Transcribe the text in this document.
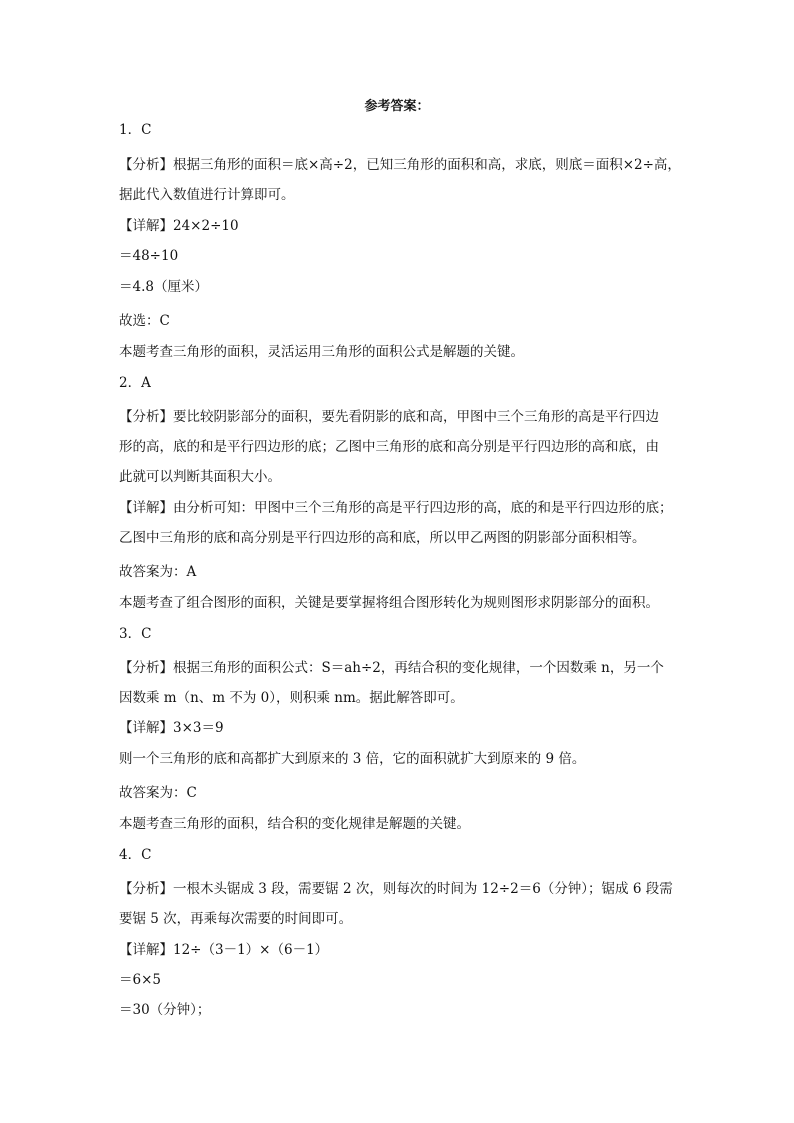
参考答案：
1．C
【分析】根据三角形的面积＝底×高÷2，已知三角形的面积和高，求底，则底＝面积×2÷高，
据此代入数值进行计算即可。
【详解】24×2÷10
＝48÷10
＝4.8（厘米）
故选：C
本题考查三角形的面积，灵活运用三角形的面积公式是解题的关键。
2．A
【分析】要比较阴影部分的面积，要先看阴影的底和高，甲图中三个三角形的高是平行四边
形的高，底的和是平行四边形的底；乙图中三角形的底和高分别是平行四边形的高和底，由
此就可以判断其面积大小。
【详解】由分析可知：甲图中三个三角形的高是平行四边形的高，底的和是平行四边形的底；
乙图中三角形的底和高分别是平行四边形的高和底，所以甲乙两图的阴影部分面积相等。
故答案为：A
本题考查了组合图形的面积，关键是要掌握将组合图形转化为规则图形求阴影部分的面积。
3．C
【分析】根据三角形的面积公式：S＝ah÷2，再结合积的变化规律，一个因数乘 n，另一个
因数乘 m（n、m 不为 0），则积乘 nm。据此解答即可。
【详解】3×3＝9
则一个三角形的底和高都扩大到原来的 3 倍，它的面积就扩大到原来的 9 倍。
故答案为：C
本题考查三角形的面积，结合积的变化规律是解题的关键。
4．C
【分析】一根木头锯成 3 段，需要锯 2 次，则每次的时间为 12÷2＝6（分钟）；锯成 6 段需
要锯 5 次，再乘每次需要的时间即可。
【详解】12÷（3－1）×（6－1）
＝6×5
＝30（分钟）；
